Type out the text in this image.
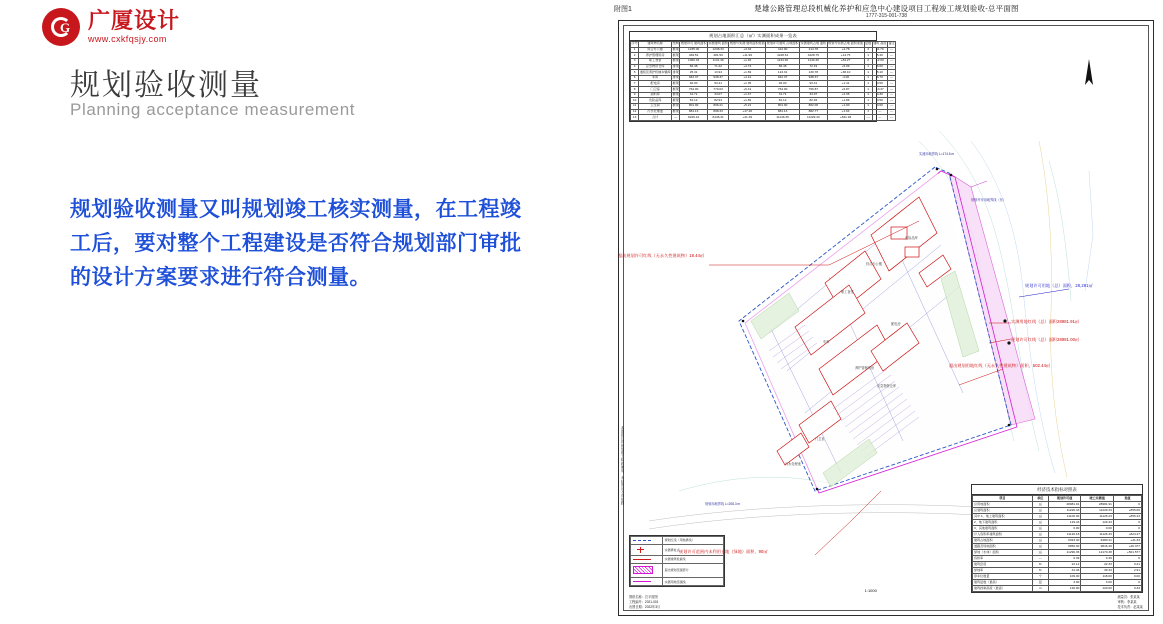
G 广厦设计
www.cxkfqsjy.com
规划验收测量
Planning acceptance measurement
规划验收测量又叫规划竣工核实测量，在工程竣工后，要对整个工程建设是否符合规划部门审批的设计方案要求进行符合测量。
附图1	楚雄公路管理总段机械化养护和应急中心建设项目工程竣工规划验收-总平面图
1777-315-001-738
规划占地面积汇总（㎡）实测面积成果一览表
序号	建筑物名称	结构	规划许可 建筑面积	实测建筑 面积	规划与实测 建筑面积差值	规划许可建筑 占地面积	实测建筑占地 面积	规划与实测占地 面积差值	层数	建筑 高度	备注
1	综合办公楼	框架	1235.00	1238.33	+3.33	412.00	414.78	+2.78	3	11.70	—
2	养护管理用房	框架	469.51	481.50	+11.99	4228.61	4228.75	+14.75	1	5.40	—
3	职工食堂	框架	1060.33	1131.46	+1.46	1134.30	1140.30	+84.27	2	12.00	—
4	应急物资仓库	排架	66.48	71.22	+4.74	66.48	72.19	+5.99	1	6.00	—
5	道班及养护机械车辆库	排架	25.31	13.94	+1.69	124.31	130.78	+38.10	1	5.10	—
6	车库	排架	942.37	938.37	+4.12	942.37	938.37	-4.00	1	6.70	—
7	配电房	框架	92.00	93.41	+1.35	92.00	93.41	+1.41	1	4.50	—
8	门卫室	框架	764.00	770.03	+6.41	764.00	766.87	+6.87	1	13.37	—
9	油料库	框架	31.71	34.07	+1.47	31.71	34.07	+2.36	1	4.30	—
10	危险品库	框架	81.12	82.94	+1.82	81.12	82.94	+1.86	1	4.50	—
11	卫生间	框架	801.00	806.21	+5.21	801.00	802.00	+1.00	1	3.60	—
12	污水处理池	框架	881.13	898.33	+17.20	881.13	882.77	+1.64	1	—	—
13	合计	—	6226.44	6446.31	+41.39	11146.36	11229.43	+841.93	—	—	—
经济技术指标对照表
项目	单位	规划许可值	竣工实测值	差值
总用地面积	㎡	28981.91	28981.91	0
总建筑面积	㎡	11229.43	11229.43	+855.06
其中 1、地上建筑面积	㎡	11100.00	11126.23	+855.23
2、地下建筑面积	㎡	129.43	129.43	0
3、其他建筑面积	㎡	0.00	0.00	0
计入容积率建筑面积	㎡	11120.18	11126.33	+824.47
建筑占地面积	㎡	6323.40	6480.41	+41.33
道路及场地面积	㎡	9850.00	9816.40	+20.377
绿地（水体）面积	㎡	11299.35	12170.38	+501.577
容积率	—	0.39	0.39	0
建筑密度	%	22.12	22.33	0.21
绿地率	%	31.46	39.33	2.91
停车位数量	个	109.00	118.00	9.00
建筑层数（最高）	层	3.00	3.00	0
建筑控制高度（最高）	m	120.00	120.00	0.33
	规划红线（用地界线）
	实测界址点
	实测建筑轮廓线
	超出规划范围部分
	实测用地范围线
超出规划许可红线（无永久性建筑物）18.44㎡
规划许可用地（总）面积，28,281㎡
实测用地红线（总）面积28981.91㎡
规划许可红线（总）面积28981.00㎡
超出规划用地红线（无永久性建筑物）面积，502.44㎡
规划许可范围内未利用土地（绿地）面积，90㎡
综合办公楼
职工食堂
车库
养护管理用房
应急物资仓库
门卫室
配电房
危险品库
污水处理池
规划用地界线 L=208.3 m
实测用地界线 L=174.6 m
规划许可用地界线（东）
1:1000
本图纸仅供规划竣工验收使用，未经许可不得复制
图纸名称：总平面图
工程编号：2021-001
出图日期：2022年3月
测量员：张某某
审核：李某某
技术负责：赵某某
